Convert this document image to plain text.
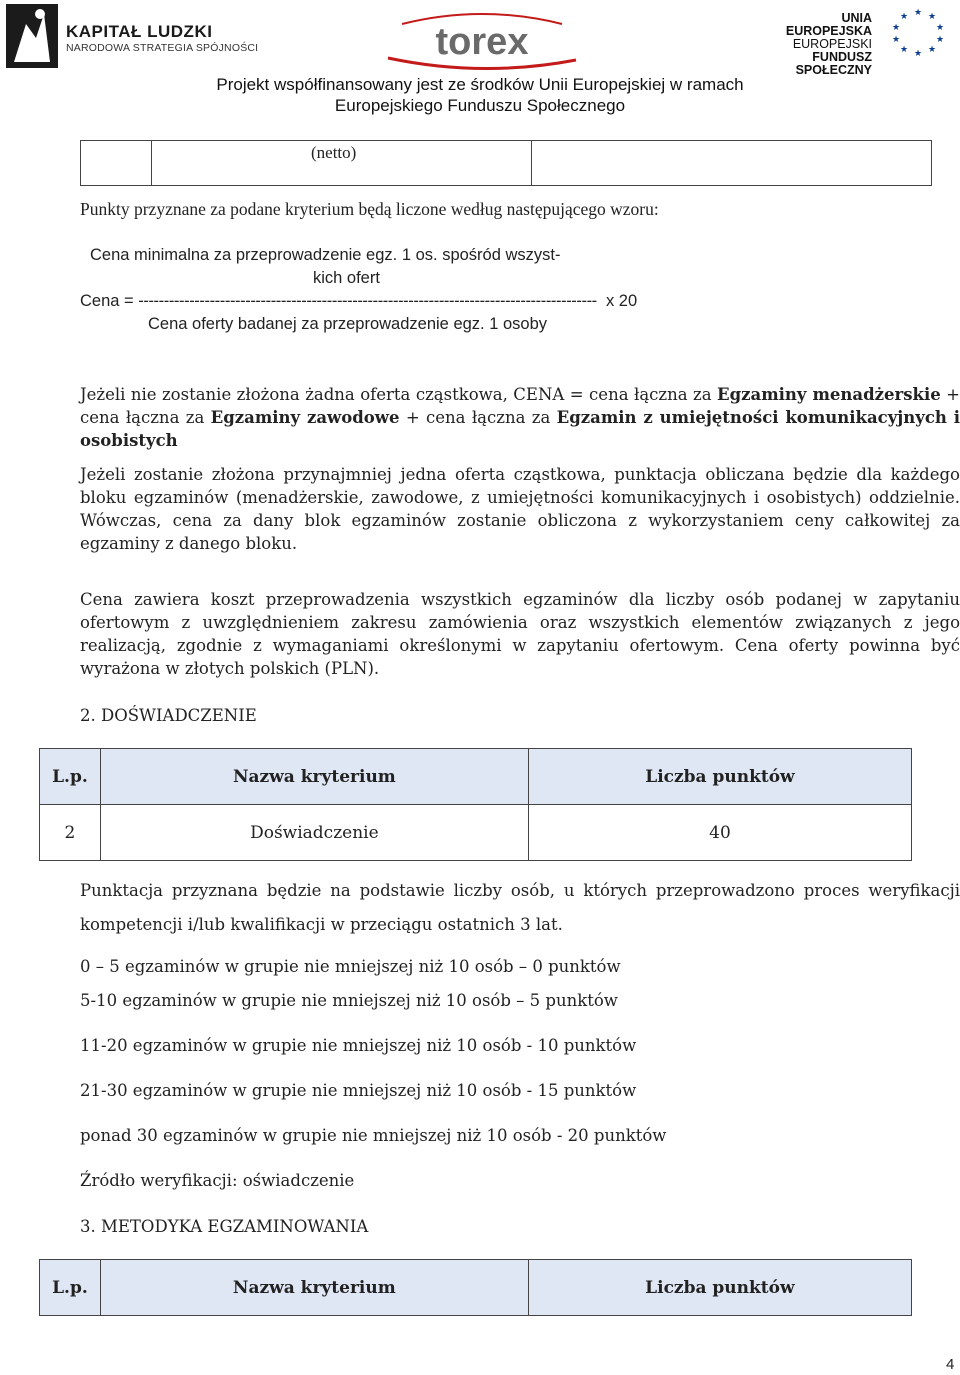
KAPITAŁ LUDZKI
NARODOWA STRATEGIA SPÓJNOŚCI	torex
UNIA EUROPEJSKA
EUROPEJSKI
FUNDUSZ SPOŁECZNY
★ ★
★
★
★
★
★
★
★
★
Projekt współfinansowany jest ze środków Unii Europejskiej w ramach
Europejskiego Funduszu Społecznego
(netto)
Punkty przyznane za podane kryterium będą liczone według następującego wzoru:
Cena minimalna za przeprowadzenie egz. 1 os. spośród wszyst-
kich ofert
Cena = ------------------------------------------------------------------------------------------ x 20
Cena oferty badanej za przeprowadzenie egz. 1 osoby
Jeżeli nie zostanie złożona żadna oferta cząstkowa, CENA = cena łączna za Egzaminy menadżerskie + cena łączna za Egzaminy zawodowe + cena łączna za Egzamin z umiejętności komunikacyjnych i osobistych
Jeżeli zostanie złożona przynajmniej jedna oferta cząstkowa, punktacja obliczana będzie dla każdego bloku egzaminów (menadżerskie, zawodowe, z umiejętności komunikacyjnych i osobistych) oddzielnie. Wówczas, cena za dany blok egzaminów zostanie obliczona z wykorzystaniem ceny całkowitej za egzaminy z danego bloku.
Cena zawiera koszt przeprowadzenia wszystkich egzaminów dla liczby osób podanej w zapytaniu ofertowym z uwzględnieniem zakresu zamówienia oraz wszystkich elementów związanych z jego realizacją, zgodnie z wymaganiami określonymi w zapytaniu ofertowym. Cena oferty powinna być wyrażona w złotych polskich (PLN).
2. DOŚWIADCZENIE
L.p.	Nazwa kryterium	Liczba punktów
2	Doświadczenie	40
Punktacja przyznana będzie na podstawie liczby osób, u których przeprowadzono proces weryfikacji kompetencji i/lub kwalifikacji w przeciągu ostatnich 3 lat.
0 – 5 egzaminów w grupie nie mniejszej niż 10 osób – 0 punktów
5-10 egzaminów w grupie nie mniejszej niż 10 osób – 5 punktów
11-20 egzaminów w grupie nie mniejszej niż 10 osób - 10 punktów
21-30 egzaminów w grupie nie mniejszej niż 10 osób - 15 punktów
ponad 30 egzaminów w grupie nie mniejszej niż 10 osób - 20 punktów
Źródło weryfikacji: oświadczenie
3. METODYKA EGZAMINOWANIA
L.p.	Nazwa kryterium	Liczba punktów
4
